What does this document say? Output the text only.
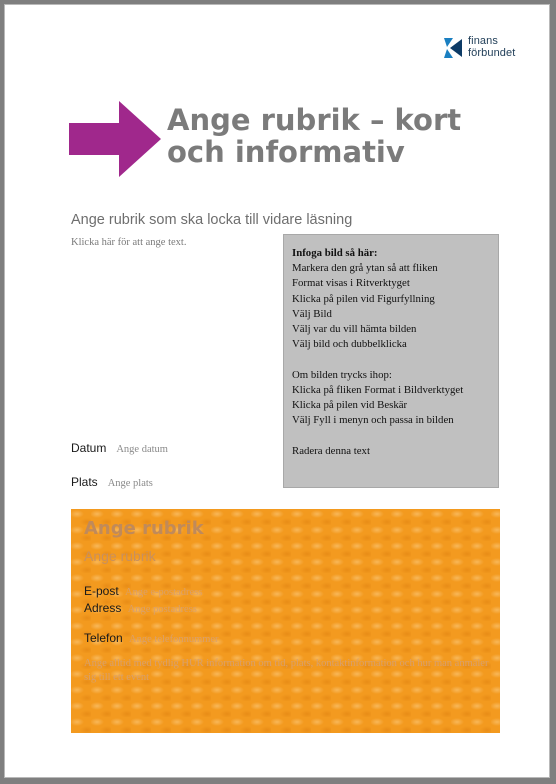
finans
förbundet
Ange rubrik – kort och informativ
Ange rubrik som ska locka till vidare läsning
Klicka här för att ange text.
Infoga bild så här:
Markera den grå ytan så att fliken
Format visas i Ritverktyget
Klicka på pilen vid Figurfyllning
Välj Bild
Välj var du vill hämta bilden
Välj bild och dubbelklicka
Om bilden trycks ihop:
Klicka på fliken Format i Bildverktyget
Klicka på pilen vid Beskär
Välj Fyll i menyn och passa in bilden
Radera denna text
Datum Ange datum
Plats Ange plats
Ange rubrik
Ange rubrik
E-post Ange e-postadress
Adress Ange postadress
Telefon Ange telefonnummer
Ange alltid med tydlig HUR information om tid, plats, kontaktinformation och hur man anmäler sig till ett event
